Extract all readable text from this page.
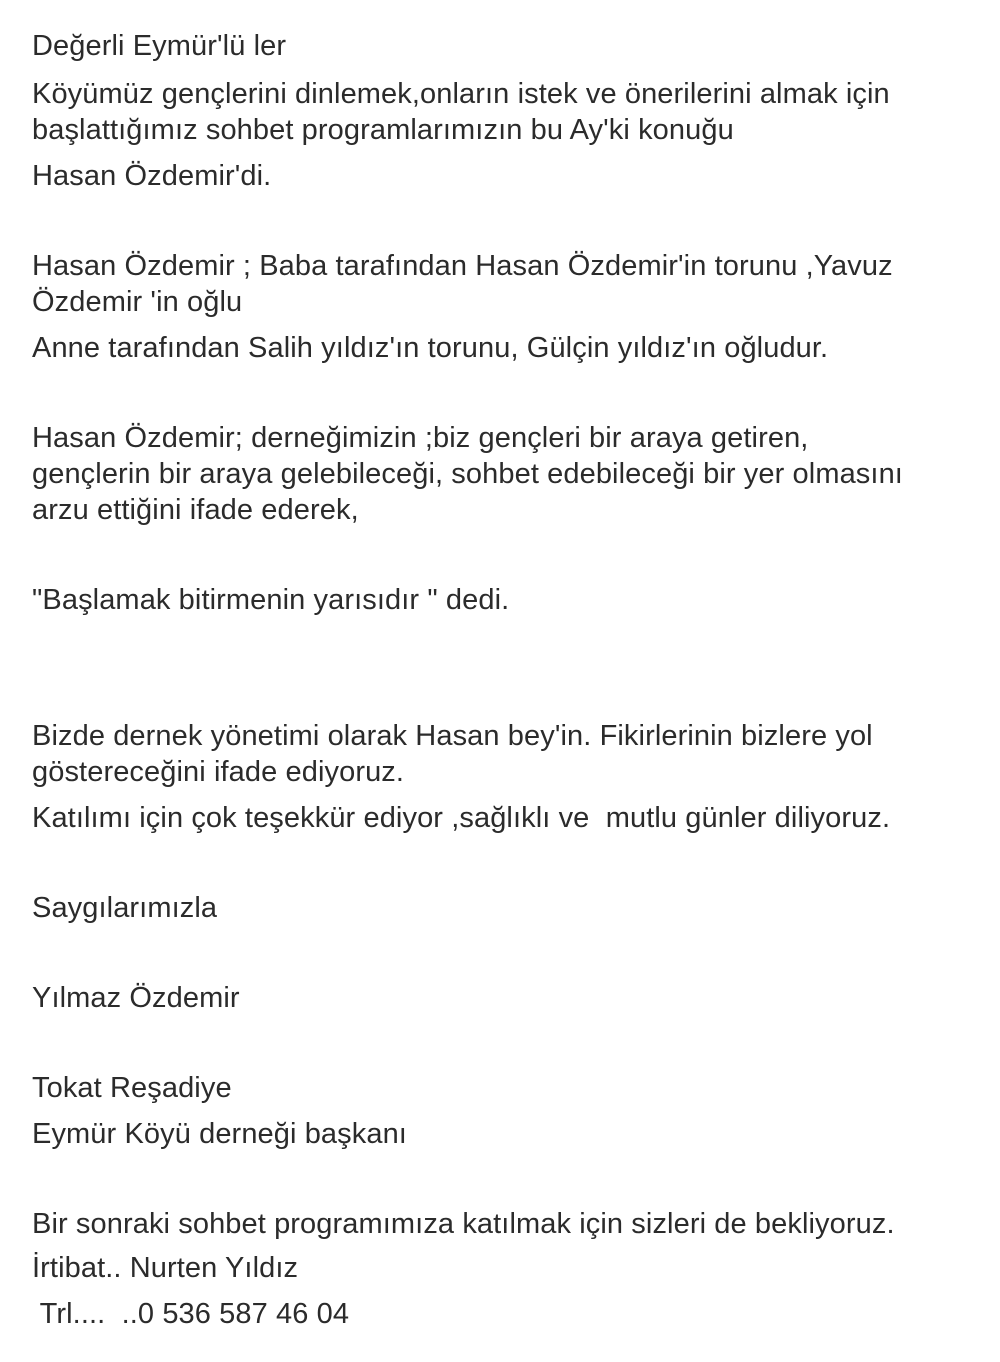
Değerli Eymür'lü ler
Köyümüz gençlerini dinlemek,onların istek ve önerilerini almak için
başlattığımız sohbet programlarımızın bu Ay'ki konuğu
Hasan Özdemir'di.
Hasan Özdemir ; Baba tarafından Hasan Özdemir'in torunu ,Yavuz
Özdemir 'in oğlu
Anne tarafından Salih yıldız'ın torunu, Gülçin yıldız'ın oğludur.
Hasan Özdemir; derneğimizin ;biz gençleri bir araya getiren,
gençlerin bir araya gelebileceği, sohbet edebileceği bir yer olmasını
arzu ettiğini ifade ederek,
"Başlamak bitirmenin yarısıdır " dedi.
Bizde dernek yönetimi olarak Hasan bey'in. Fikirlerinin bizlere yol
göstereceğini ifade ediyoruz.
Katılımı için çok teşekkür ediyor ,sağlıklı ve  mutlu günler diliyoruz.
Saygılarımızla
Yılmaz Özdemir
Tokat Reşadiye
Eymür Köyü derneği başkanı
Bir sonraki sohbet programımıza katılmak için sizleri de bekliyoruz.
İrtibat.. Nurten Yıldız
Trl....  ..0 536 587 46 04
